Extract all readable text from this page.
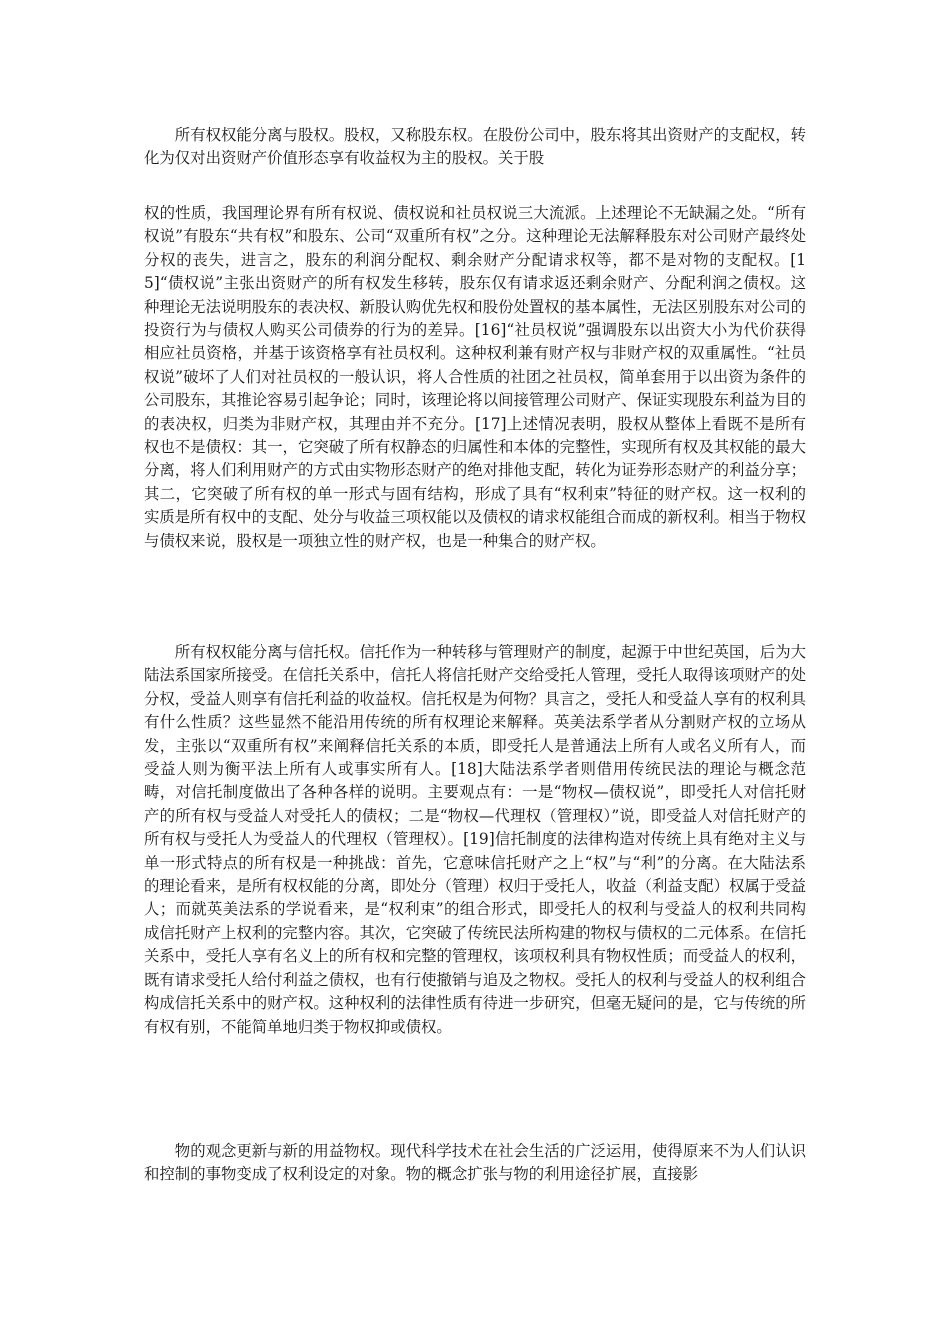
所有权权能分离与股权。股权，又称股东权。在股份公司中，股东将其出资财产的支配权，转化为仅对出资财产价值形态享有收益权为主的股权。关于股

权的性质，我国理论界有所有权说、债权说和社员权说三大流派。上述理论不无缺漏之处。“所有权说”有股东“共有权”和股东、公司“双重所有权”之分。这种理论无法解释股东对公司财产最终处分权的丧失，进言之，股东的利润分配权、剩余财产分配请求权等，都不是对物的支配权。[15]“债权说”主张出资财产的所有权发生移转，股东仅有请求返还剩余财产、分配利润之债权。这种理论无法说明股东的表决权、新股认购优先权和股份处置权的基本属性，无法区别股东对公司的投资行为与债权人购买公司债券的行为的差异。[16]“社员权说”强调股东以出资大小为代价获得相应社员资格，并基于该资格享有社员权利。这种权利兼有财产权与非财产权的双重属性。“社员权说”破坏了人们对社员权的一般认识，将人合性质的社团之社员权，简单套用于以出资为条件的公司股东，其推论容易引起争论；同时，该理论将以间接管理公司财产、保证实现股东利益为目的的表决权，归类为非财产权，其理由并不充分。[17]上述情况表明，股权从整体上看既不是所有权也不是债权：其一，它突破了所有权静态的归属性和本体的完整性，实现所有权及其权能的最大分离，将人们利用财产的方式由实物形态财产的绝对排他支配，转化为证券形态财产的利益分享；其二，它突破了所有权的单一形式与固有结构，形成了具有“权利束”特征的财产权。这一权利的实质是所有权中的支配、处分与收益三项权能以及债权的请求权能组合而成的新权利。相当于物权与债权来说，股权是一项独立性的财产权，也是一种集合的财产权。

所有权权能分离与信托权。信托作为一种转移与管理财产的制度，起源于中世纪英国，后为大陆法系国家所接受。在信托关系中，信托人将信托财产交给受托人管理，受托人取得该项财产的处分权，受益人则享有信托利益的收益权。信托权是为何物？具言之，受托人和受益人享有的权利具有什么性质？这些显然不能沿用传统的所有权理论来解释。英美法系学者从分割财产权的立场从发，主张以“双重所有权”来阐释信托关系的本质，即受托人是普通法上所有人或名义所有人，而受益人则为衡平法上所有人或事实所有人。[18]大陆法系学者则借用传统民法的理论与概念范畴，对信托制度做出了各种各样的说明。主要观点有：一是“物权—债权说”，即受托人对信托财产的所有权与受益人对受托人的债权；二是“物权—代理权（管理权）”说，即受益人对信托财产的所有权与受托人为受益人的代理权（管理权）。[19]信托制度的法律构造对传统上具有绝对主义与单一形式特点的所有权是一种挑战：首先，它意味信托财产之上“权”与“利”的分离。在大陆法系的理论看来，是所有权权能的分离，即处分（管理）权归于受托人，收益（利益支配）权属于受益人；而就英美法系的学说看来，是“权利束”的组合形式，即受托人的权利与受益人的权利共同构成信托财产上权利的完整内容。其次，它突破了传统民法所构建的物权与债权的二元体系。在信托关系中，受托人享有名义上的所有权和完整的管理权，该项权利具有物权性质；而受益人的权利，既有请求受托人给付利益之债权，也有行使撤销与追及之物权。受托人的权利与受益人的权利组合构成信托关系中的财产权。这种权利的法律性质有待进一步研究，但毫无疑问的是，它与传统的所有权有别，不能简单地归类于物权抑或债权。

物的观念更新与新的用益物权。现代科学技术在社会生活的广泛运用，使得原来不为人们认识和控制的事物变成了权利设定的对象。物的概念扩张与物的利用途径扩展，直接影
